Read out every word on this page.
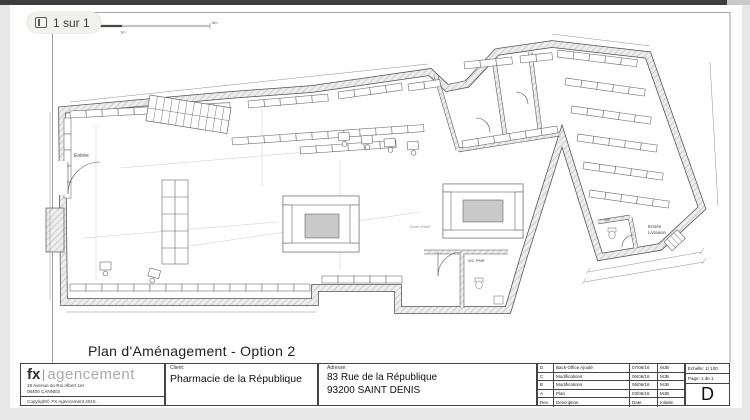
1m
5m
Entrée
WC
WC PMR
Zone 10m2	Entrée
Livraison
1 sur 1
Plan d'Aménagement - Option 2
fx agencement
18 Avenue du Roi Albert 1er
06400 CANNES
Copyright© FX Agencement 2015.
Client:
Pharmacie de la République
Adresse:
83 Rue de la République
93200 SAINT DENIS
D	Back-Office Ajouté	07/06/16	MJB
C	Modifications	06/06/16	MJB
B	Modifications	06/06/16	MJB
A	Plan	03/06/16	MJB
Rev.	Description	Date	Initiale
Echelle: 1/ 100
Page: 1 de 1
D
